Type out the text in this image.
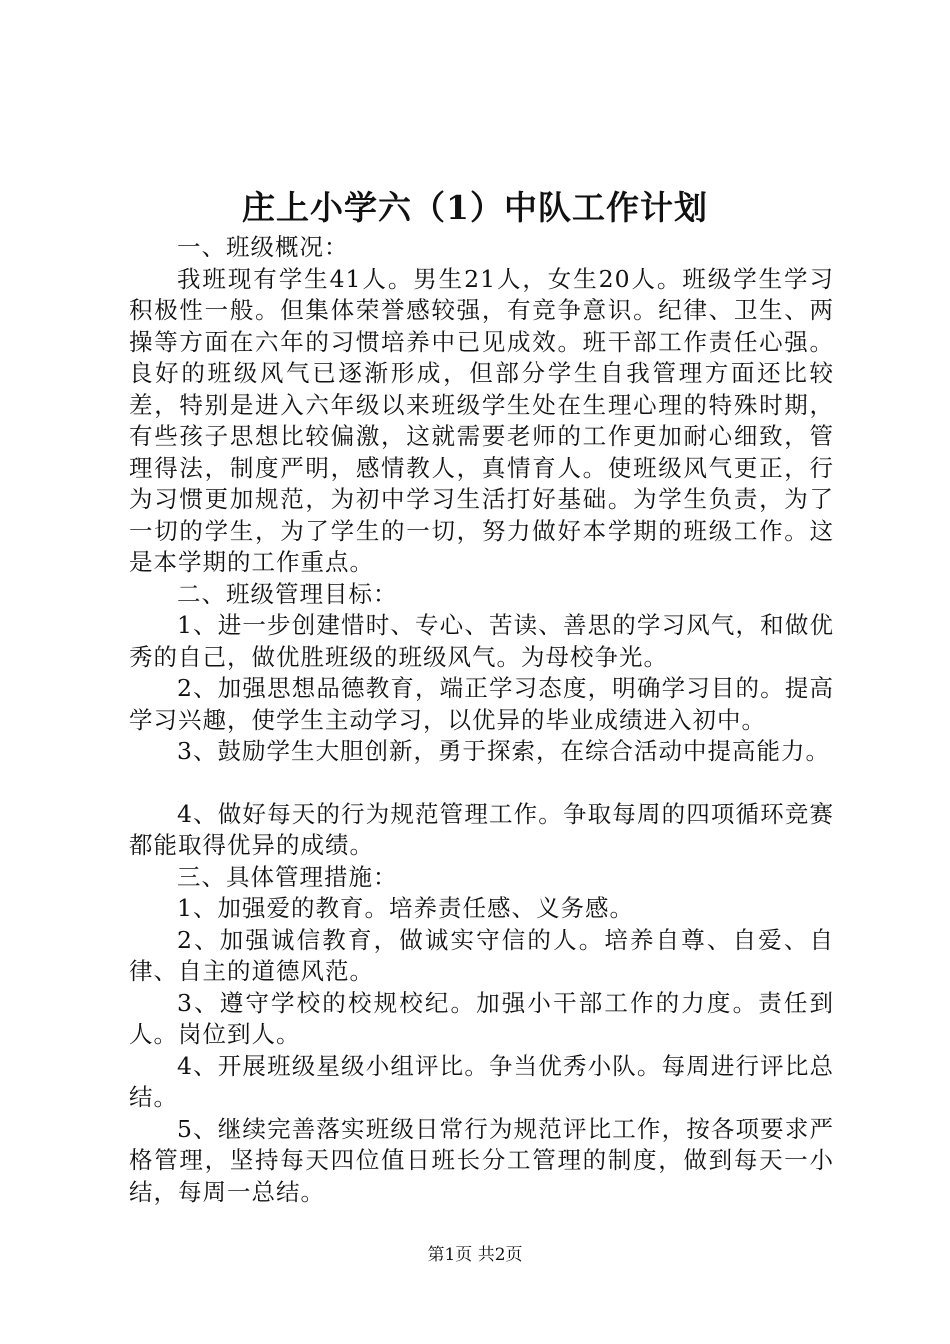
庄上小学六（1）中队工作计划

一、班级概况：

我班现有学生41人。男生21人，女生20人。班级学生学习积极性一般。但集体荣誉感较强，有竞争意识。纪律、卫生、两操等方面在六年的习惯培养中已见成效。班干部工作责任心强。良好的班级风气已逐渐形成，但部分学生自我管理方面还比较差，特别是进入六年级以来班级学生处在生理心理的特殊时期，有些孩子思想比较偏激，这就需要老师的工作更加耐心细致，管理得法，制度严明，感情教人，真情育人。使班级风气更正，行为习惯更加规范，为初中学习生活打好基础。为学生负责，为了一切的学生，为了学生的一切，努力做好本学期的班级工作。这是本学期的工作重点。

二、班级管理目标：

1、进一步创建惜时、专心、苦读、善思的学习风气，和做优秀的自己，做优胜班级的班级风气。为母校争光。

2、加强思想品德教育，端正学习态度，明确学习目的。提高学习兴趣，使学生主动学习，以优异的毕业成绩进入初中。

3、鼓励学生大胆创新，勇于探索，在综合活动中提高能力。

4、做好每天的行为规范管理工作。争取每周的四项循环竞赛都能取得优异的成绩。

三、具体管理措施：

1、加强爱的教育。培养责任感、义务感。

2、加强诚信教育，做诚实守信的人。培养自尊、自爱、自律、自主的道德风范。

3、遵守学校的校规校纪。加强小干部工作的力度。责任到人。岗位到人。

4、开展班级星级小组评比。争当优秀小队。每周进行评比总结。

5、继续完善落实班级日常行为规范评比工作，按各项要求严格管理，坚持每天四位值日班长分工管理的制度，做到每天一小结，每周一总结。

第1页 共2页
